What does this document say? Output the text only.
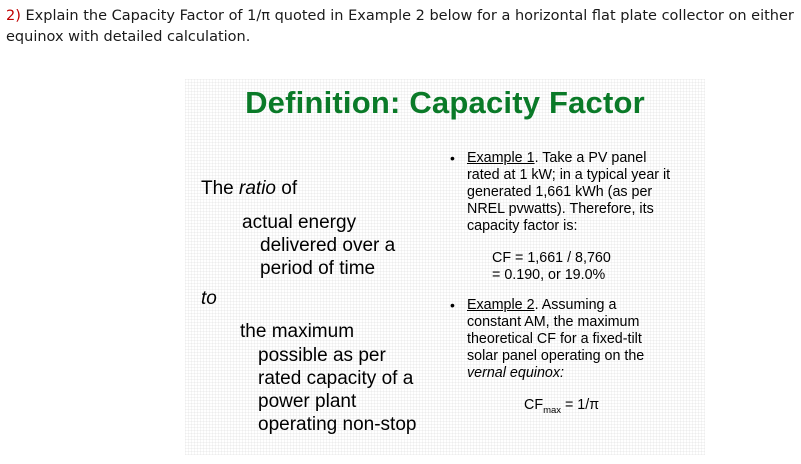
2) Explain the Capacity Factor of 1/π quoted in Example 2 below for a horizontal flat plate collector on either
equinox with detailed calculation.
Definition: Capacity Factor
The ratio of
actual energy
delivered over a
period of time
to
the maximum
possible as per
rated capacity of a
power plant
operating non-stop
• Example 1. Take a PV panel
rated at 1 kW; in a typical year it
generated 1,661 kWh (as per
NREL pvwatts). Therefore, its
capacity factor is:
CF = 1,661 / 8,760
= 0.190, or 19.0%
• Example 2. Assuming a
constant AM, the maximum
theoretical CF for a fixed-tilt
solar panel operating on the
vernal equinox:
$CF_{max} = 1/\pi$
